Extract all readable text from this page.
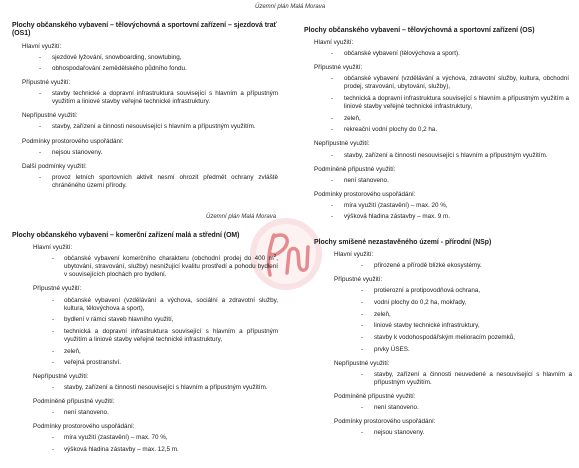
Územní plán Malá Morava
Územní plán Malá Morava
Plochy občanského vybavení – tělovýchovná a sportovní zařízení – sjezdová trať (OS1)
Hlavní využití:
- sjezdové lyžování, snowboarding, snowtubing,
- obhospodařování zemědělského půdního fondu.
Přípustné využití:
- stavby technické a dopravní infrastruktura související s hlavním a přípustným využitím a liniové stavby veřejné technické infrastruktury.
Nepřípustné využití:
- stavby, zařízení a činnosti nesouvisející s hlavním a přípustným využitím.
Podmínky prostorového uspořádání:
- nejsou stanoveny.
Další podmínky využití:
- provoz letních sportovních aktivit nesmí ohrozit předmět ochrany zvláště chráněného území přírody.
Plochy občanského vybavení – tělovýchovná a sportovní zařízení (OS)
Hlavní využití:
- občanské vybavení (tělovýchova a sport).
Přípustné využití:
- občanské vybavení (vzdělávání a výchova, zdravotní služby, kultura, obchodní prodej, stravování, ubytování, služby),
- technická a dopravní infrastruktura související s hlavním a přípustným využitím a liniové stavby veřejné technické infrastruktury,
- zeleň,
- rekreační vodní plochy do 0,2 ha.
Nepřípustné využití:
- stavby, zařízení a činnosti nesouvisející s hlavním a přípustným využitím.
Podmíněně přípustné využití:
- není stanoveno.
Podmínky prostorového uspořádání:
- míra využití (zastavění) – max. 20 %,
- výšková hladina zástavby – max. 9 m.
Plochy občanského vybavení – komerční zařízení malá a střední (OM)
Hlavní využití:
- občanské vybavení komerčního charakteru (obchodní prodej do 400 $m^2$, ubytování, stravování, služby) nesnižující kvalitu prostředí a pohodu bydlení v souvisejících plochách pro bydlení.
Přípustné využití:
- občanské vybavení (vzdělávání a výchova, sociální a zdravotní služby, kultura, tělovýchova a sport),
- bydlení v rámci staveb hlavního využití,
- technická a dopravní infrastruktura související s hlavním a přípustným využitím a liniové stavby veřejné technické infrastruktury,
- zeleň,
- veřejná prostranství.
Nepřípustné využití:
- stavby, zařízení a činnosti nesouvisející s hlavním a přípustným využitím.
Podmíněně přípustné využití:
- není stanoveno.
Podmínky prostorového uspořádání:
- míra využití (zastavění) – max. 70 %,
- výšková hladina zástavby – max. 12,5 m.
Plochy smíšené nezastavěného území - přírodní (NSp)
Hlavní využití:
- přirozené a přírodě blízké ekosystémy.
Přípustné využití:
- protierozní a protipovodňová ochrana,
- vodní plochy do 0,2 ha, mokřady,
- zeleň,
- liniové stavby technické infrastruktury,
- stavby k vodohospodářským melioracím pozemků,
- prvky ÚSES.
Nepřípustné využití:
- stavby, zařízení a činnosti neuvedené a nesouvisející s hlavním a přípustným využitím.
Podmíněně přípustné využití:
- není stanoveno.
Podmínky prostorového uspořádání:
- nejsou stanoveny.
